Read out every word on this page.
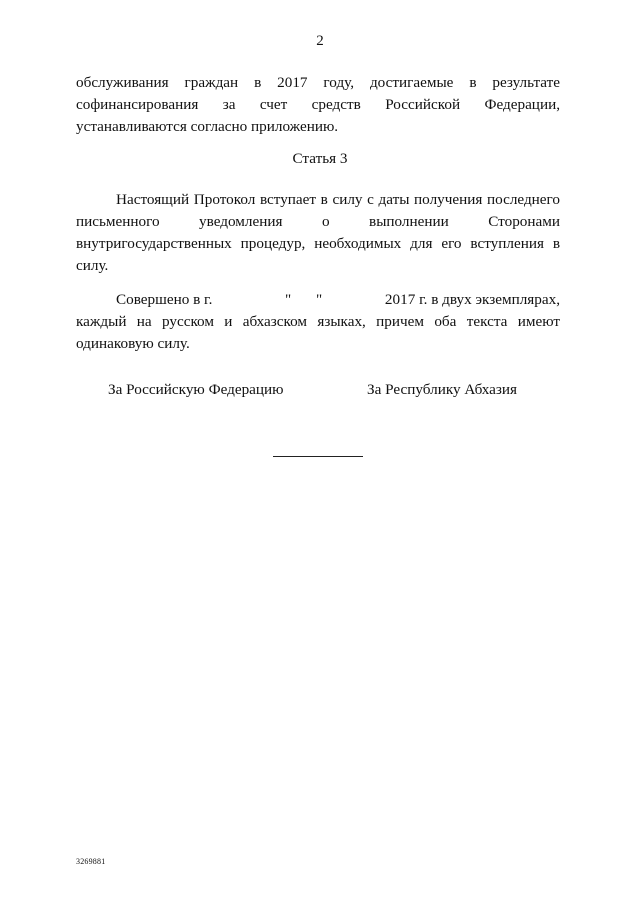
2

обслуживания граждан в 2017 году, достигаемые в результате софинансирования за счет средств Российской Федерации, устанавливаются согласно приложению.

Статья 3

Настоящий Протокол вступает в силу с даты получения последнего письменного уведомления о выполнении Сторонами внутригосударственных процедур, необходимых для его вступления в силу.

Совершено в г.	" "	2017 г. в двух экземплярах,

каждый на русском и абхазском языках, причем оба текста имеют одинаковую силу.

За Российскую Федерацию	За Республику Абхазия
3269881
